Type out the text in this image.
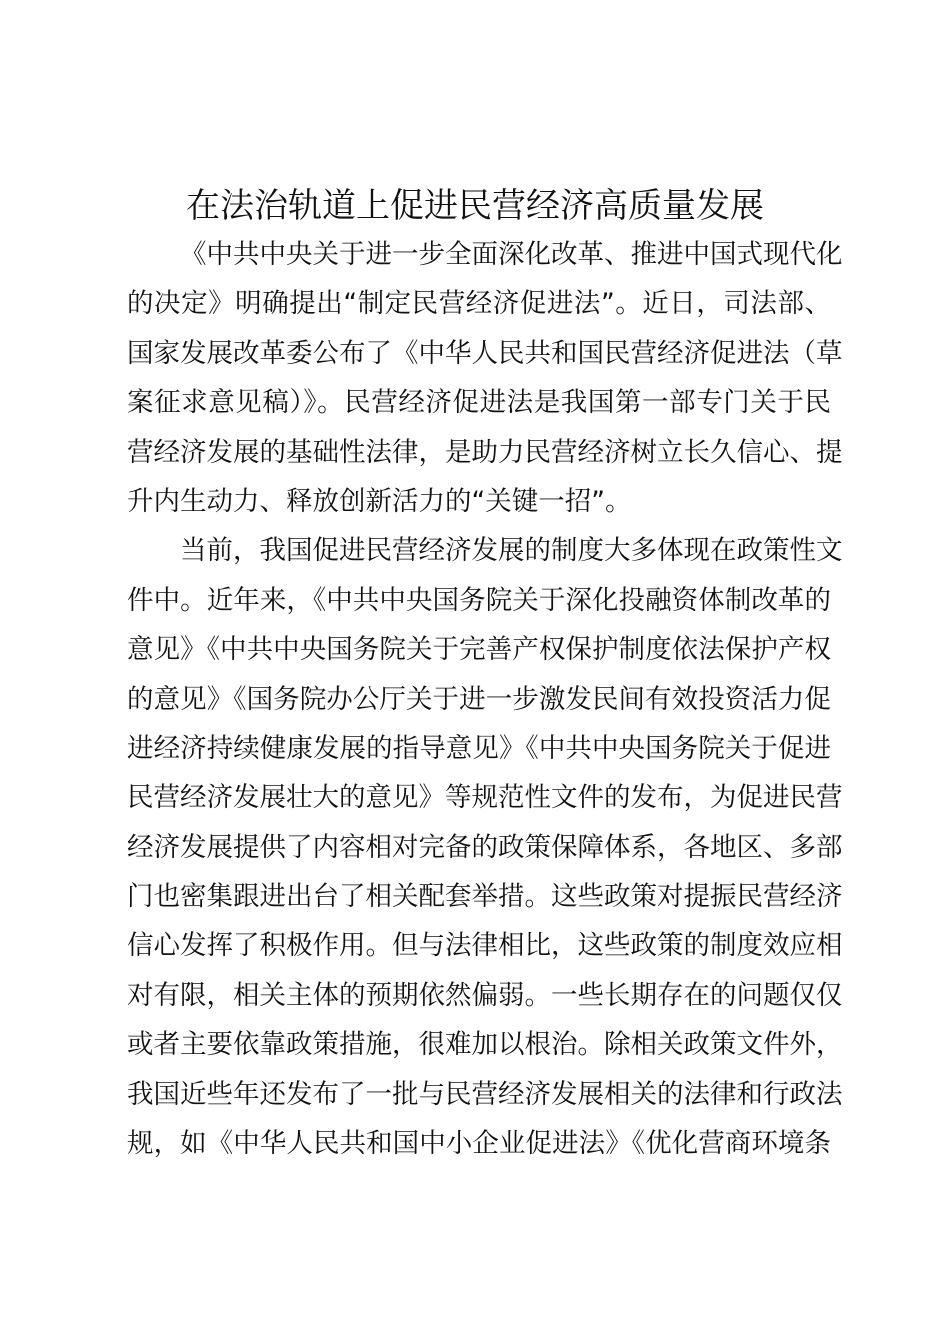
在法治轨道上促进民营经济高质量发展
《中共中央关于进一步全面深化改革、推进中国式现代化
的决定》明确提出“制定民营经济促进法”。近日，司法部、
国家发展改革委公布了《中华人民共和国民营经济促进法（草
案征求意见稿）》。民营经济促进法是我国第一部专门关于民
营经济发展的基础性法律，是助力民营经济树立长久信心、提
升内生动力、释放创新活力的“关键一招”。
当前，我国促进民营经济发展的制度大多体现在政策性文
件中。近年来，《中共中央国务院关于深化投融资体制改革的
意见》《中共中央国务院关于完善产权保护制度依法保护产权
的意见》《国务院办公厅关于进一步激发民间有效投资活力促
进经济持续健康发展的指导意见》《中共中央国务院关于促进
民营经济发展壮大的意见》等规范性文件的发布，为促进民营
经济发展提供了内容相对完备的政策保障体系，各地区、多部
门也密集跟进出台了相关配套举措。这些政策对提振民营经济
信心发挥了积极作用。但与法律相比，这些政策的制度效应相
对有限，相关主体的预期依然偏弱。一些长期存在的问题仅仅
或者主要依靠政策措施，很难加以根治。除相关政策文件外，
我国近些年还发布了一批与民营经济发展相关的法律和行政法
规，如《中华人民共和国中小企业促进法》《优化营商环境条
